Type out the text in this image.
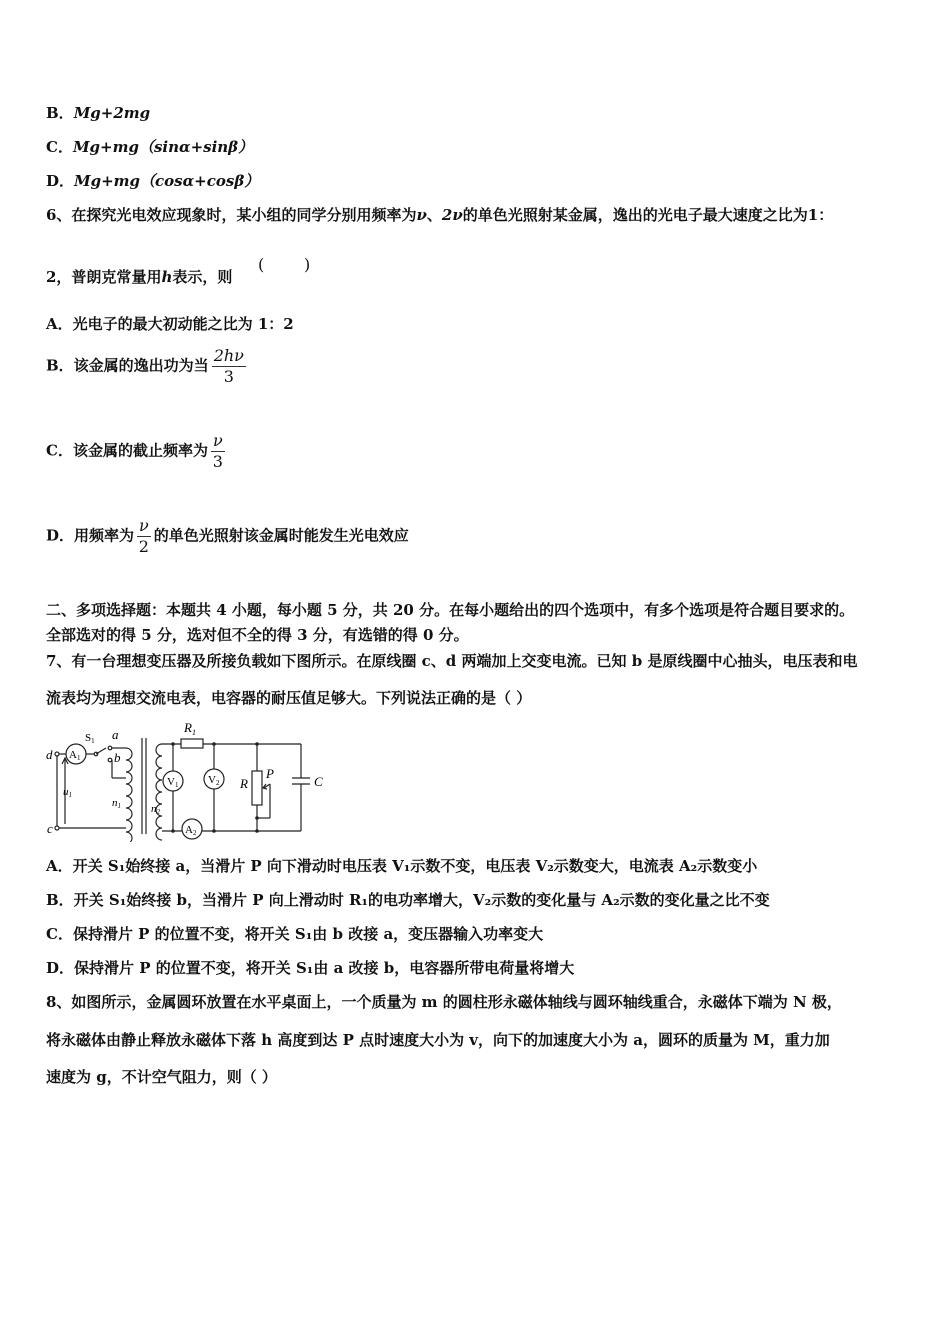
B．Mg+2mg
C．Mg+mg（sinα+sinβ）
D．Mg+mg（cosα+cosβ）
6、在探究光电效应现象时，某小组的同学分别用频率为ν、2ν的单色光照射某金属，逸出的光电子最大速度之比为1：
2，普朗克常量用h表示，则
( )
A．光电子的最大初动能之比为 1：2
B．该金属的逸出功为当 $\frac{2h\nu}{3}$
C．该金属的截止频率为 $\frac{\nu}{3}$
D．用频率为 $\frac{\nu}{2}$ 的单色光照射该金属时能发生光电效应
二、多项选择题：本题共 4 小题，每小题 5 分，共 20 分。在每小题给出的四个选项中，有多个选项是符合题目要求的。
全部选对的得 5 分，选对但不全的得 3 分，有选错的得 0 分。
7、有一台理想变压器及所接负载如下图所示。在原线圈 c、d 两端加上交变电流。已知 b 是原线圈中心抽头，电压表和电
流表均为理想交流电表，电容器的耐压值足够大。下列说法正确的是（ ）
d
c
a
b
$R_1$
R
P
C
u1
n1	n2
S1
A1
A2
V1	V2
A．开关 S₁始终接 a，当滑片 P 向下滑动时电压表 V₁示数不变，电压表 V₂示数变大，电流表 A₂示数变小
B．开关 S₁始终接 b，当滑片 P 向上滑动时 R₁的电功率增大，V₂示数的变化量与 A₂示数的变化量之比不变
C．保持滑片 P 的位置不变，将开关 S₁由 b 改接 a，变压器输入功率变大
D．保持滑片 P 的位置不变，将开关 S₁由 a 改接 b，电容器所带电荷量将增大
8、如图所示，金属圆环放置在水平桌面上，一个质量为 m 的圆柱形永磁体轴线与圆环轴线重合，永磁体下端为 N 极，
将永磁体由静止释放永磁体下落 h 高度到达 P 点时速度大小为 v，向下的加速度大小为 a，圆环的质量为 M，重力加
速度为 g，不计空气阻力，则（ ）
